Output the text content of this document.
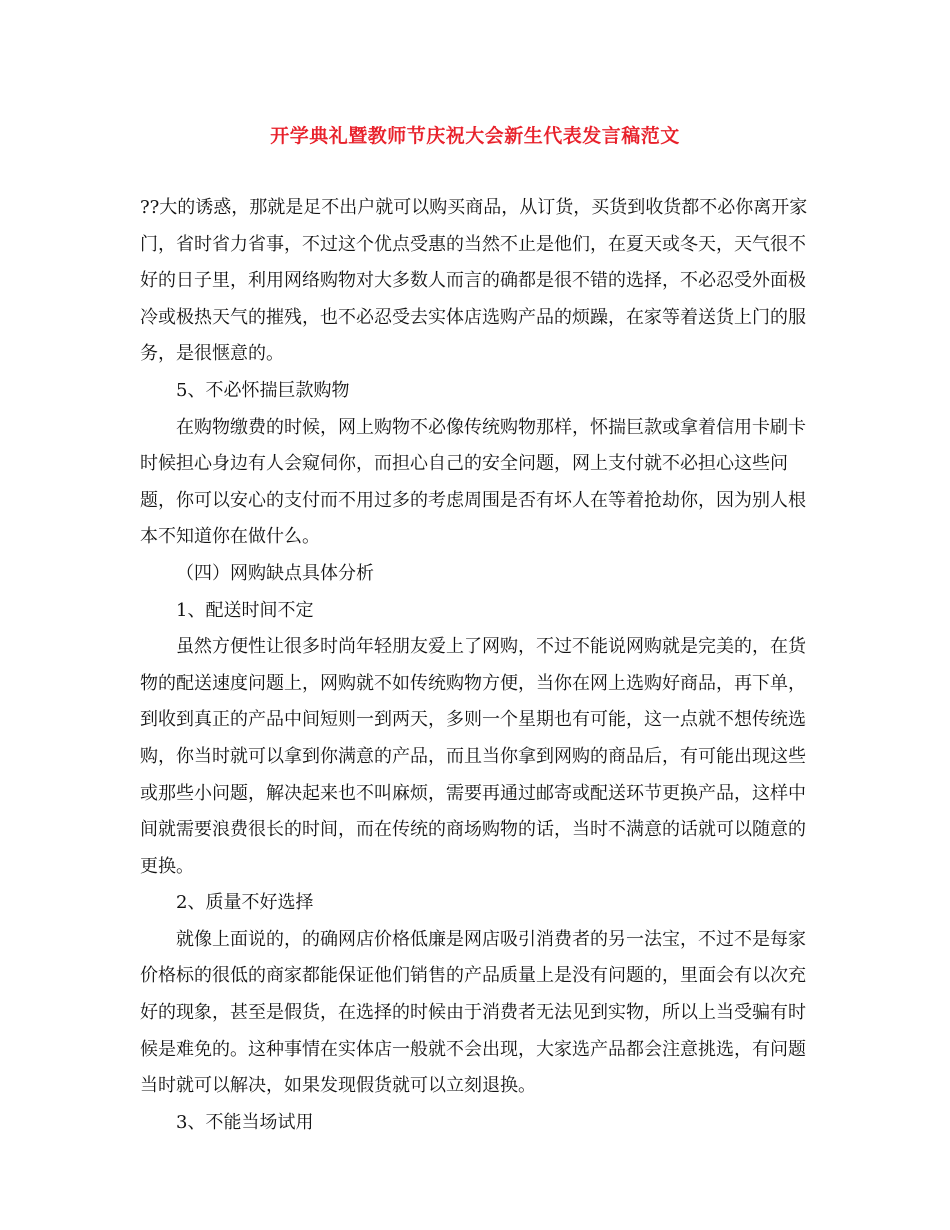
开学典礼暨教师节庆祝大会新生代表发言稿范文

??大的诱惑，那就是足不出户就可以购买商品，从订货，买货到收货都不必你离开家门，省时省力省事，不过这个优点受惠的当然不止是他们，在夏天或冬天，天气很不好的日子里，利用网络购物对大多数人而言的确都是很不错的选择，不必忍受外面极冷或极热天气的摧残，也不必忍受去实体店选购产品的烦躁，在家等着送货上门的服务，是很惬意的。

5、不必怀揣巨款购物

在购物缴费的时候，网上购物不必像传统购物那样，怀揣巨款或拿着信用卡刷卡时候担心身边有人会窥伺你，而担心自己的安全问题，网上支付就不必担心这些问题，你可以安心的支付而不用过多的考虑周围是否有坏人在等着抢劫你，因为别人根本不知道你在做什么。

（四）网购缺点具体分析

1、配送时间不定

虽然方便性让很多时尚年轻朋友爱上了网购，不过不能说网购就是完美的，在货物的配送速度问题上，网购就不如传统购物方便，当你在网上选购好商品，再下单，到收到真正的产品中间短则一到两天，多则一个星期也有可能，这一点就不想传统选购，你当时就可以拿到你满意的产品，而且当你拿到网购的商品后，有可能出现这些或那些小问题，解决起来也不叫麻烦，需要再通过邮寄或配送环节更换产品，这样中间就需要浪费很长的时间，而在传统的商场购物的话，当时不满意的话就可以随意的更换。

2、质量不好选择

就像上面说的，的确网店价格低廉是网店吸引消费者的另一法宝，不过不是每家价格标的很低的商家都能保证他们销售的产品质量上是没有问题的，里面会有以次充好的现象，甚至是假货，在选择的时候由于消费者无法见到实物，所以上当受骗有时候是难免的。这种事情在实体店一般就不会出现，大家选产品都会注意挑选，有问题当时就可以解决，如果发现假货就可以立刻退换。

3、不能当场试用
